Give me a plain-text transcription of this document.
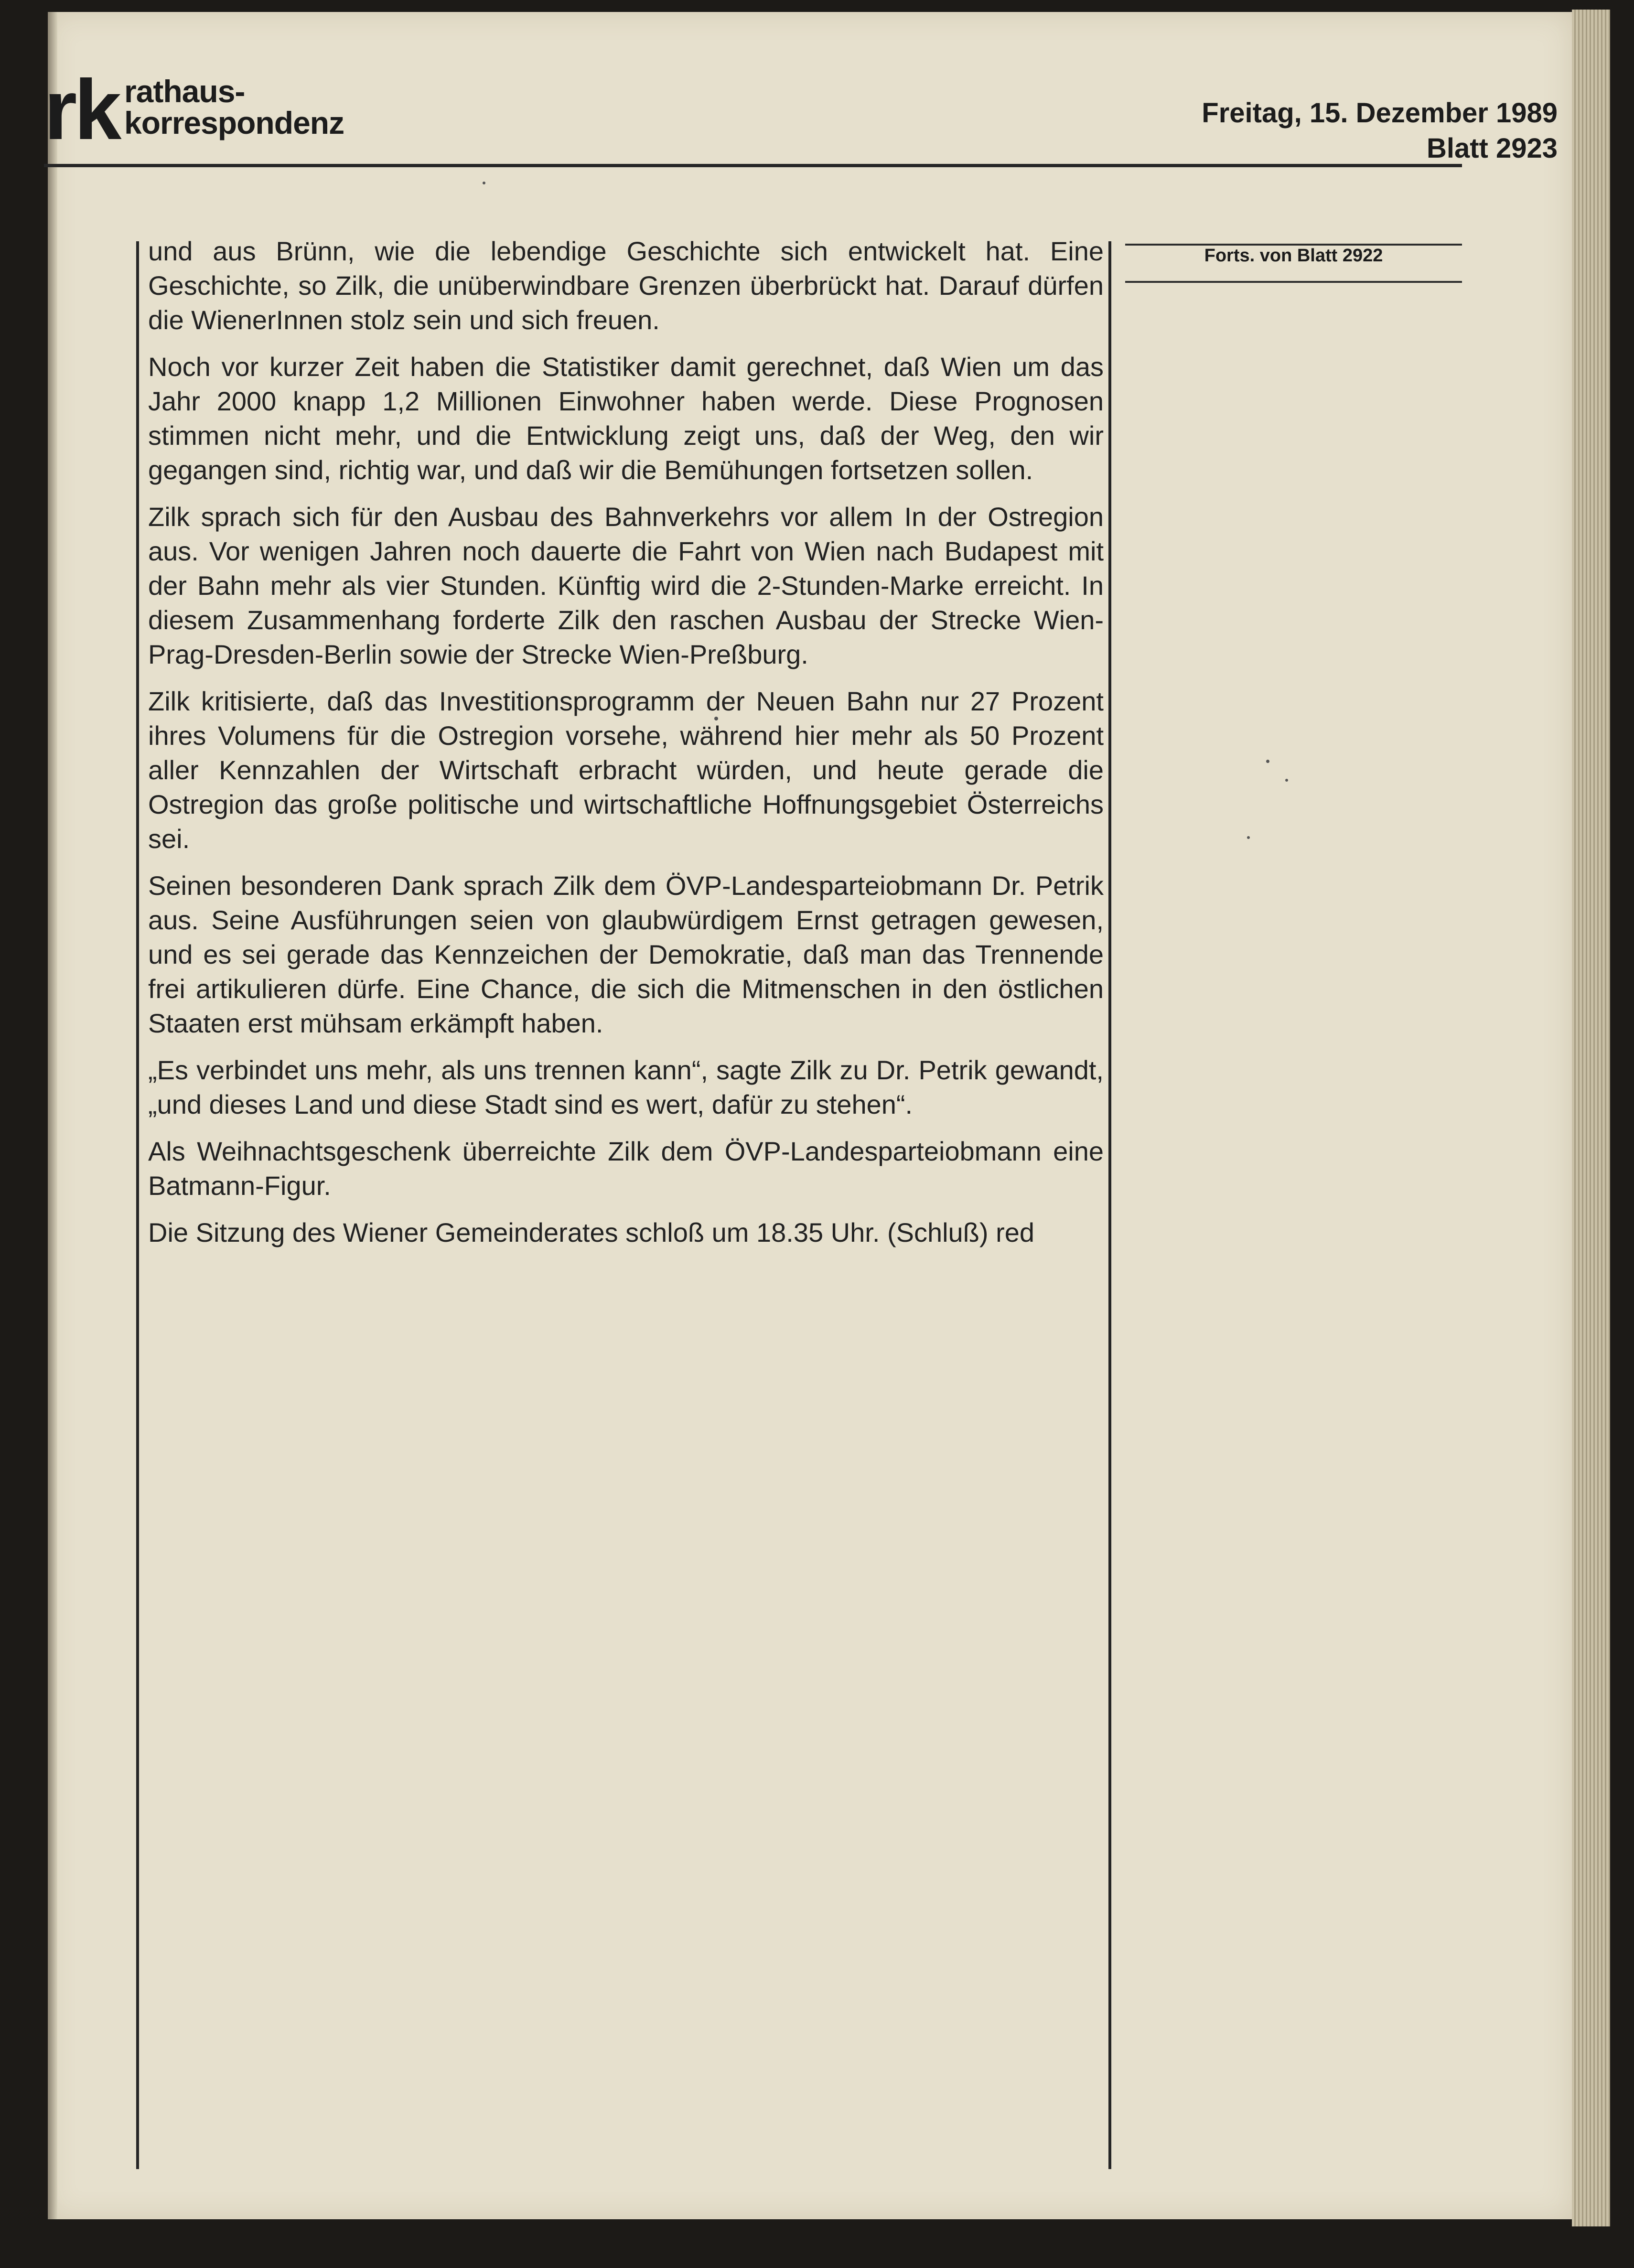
rk rathaus-
korrespondenz	Freitag, 15. Dezember 1989
Blatt 2923
Forts. von Blatt 2922

und aus Brünn, wie die lebendige Geschichte sich entwickelt hat. Eine Geschichte, so Zilk, die unüberwindbare Grenzen überbrückt hat. Darauf dürfen die WienerInnen stolz sein und sich freuen.

Noch vor kurzer Zeit haben die Statistiker damit gerechnet, daß Wien um das Jahr 2000 knapp 1,2 Millionen Einwohner haben werde. Diese Prognosen stimmen nicht mehr, und die Entwicklung zeigt uns, daß der Weg, den wir gegangen sind, richtig war, und daß wir die Bemühungen fortsetzen sollen.

Zilk sprach sich für den Ausbau des Bahnverkehrs vor allem In der Ostregion aus. Vor wenigen Jahren noch dauerte die Fahrt von Wien nach Budapest mit der Bahn mehr als vier Stunden. Künftig wird die 2-Stunden-Marke erreicht. In diesem Zusammenhang forderte Zilk den raschen Ausbau der Strecke Wien-Prag-Dresden-Berlin sowie der Strecke Wien-Preßburg.

Zilk kritisierte, daß das Investitionsprogramm der Neuen Bahn nur 27 Prozent ihres Volumens für die Ostregion vorsehe, während hier mehr als 50 Prozent aller Kennzahlen der Wirtschaft erbracht würden, und heute gerade die Ostregion das große politische und wirtschaftliche Hoffnungsgebiet Österreichs sei.

Seinen besonderen Dank sprach Zilk dem ÖVP-Landesparteiobmann Dr. Petrik aus. Seine Ausführungen seien von glaubwürdigem Ernst getragen gewesen, und es sei gerade das Kennzeichen der Demokratie, daß man das Trennende frei artikulieren dürfe. Eine Chance, die sich die Mitmenschen in den östlichen Staaten erst mühsam erkämpft haben.

„Es verbindet uns mehr, als uns trennen kann“, sagte Zilk zu Dr. Petrik gewandt, „und dieses Land und diese Stadt sind es wert, dafür zu stehen“.

Als Weihnachtsgeschenk überreichte Zilk dem ÖVP-Landesparteiobmann eine Batmann-Figur.

Die Sitzung des Wiener Gemeinderates schloß um 18.35 Uhr. (Schluß) red
